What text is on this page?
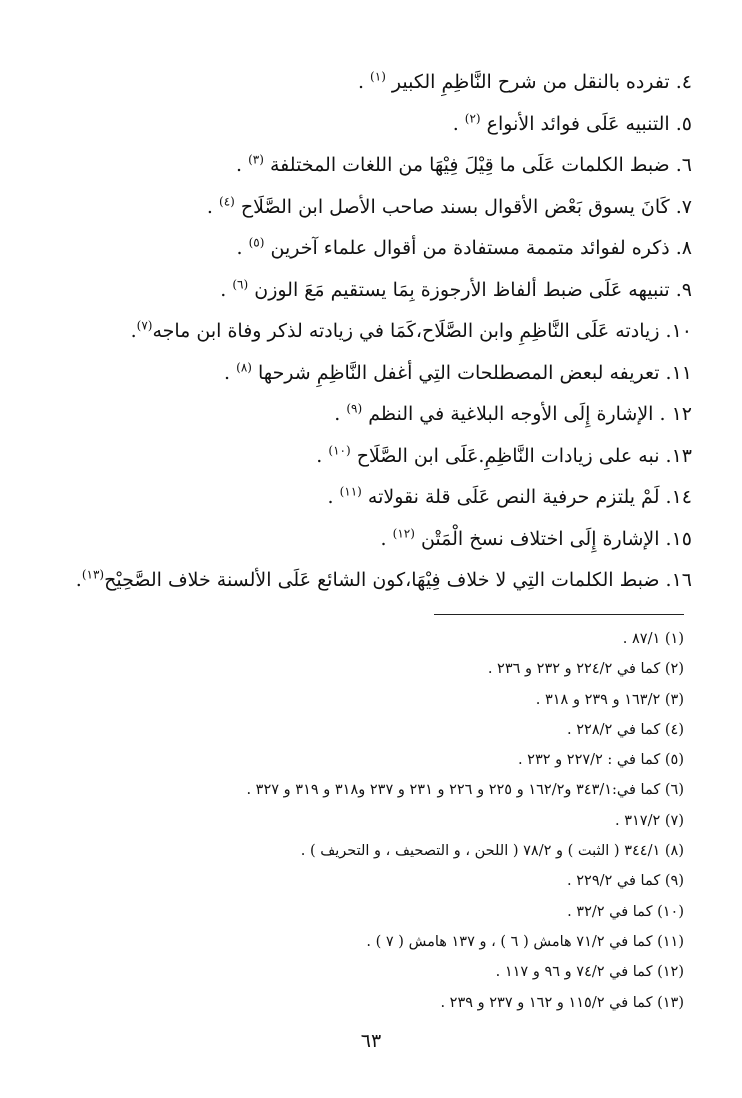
٤. تفرده بالنقل من شرح النَّاظِمِ الكبير $^{(١)}$ .
٥. التنبيه عَلَى فوائد الأنواع $^{(٢)}$ .
٦. ضبط الكلمات عَلَى ما قِيْلَ فِيْهَا من اللغات المختلفة $^{(٣)}$ .
٧. كَانَ يسوق بَعْض الأقوال بسند صاحب الأصل ابن الصَّلَاح $^{(٤)}$ .
٨. ذكره لفوائد متممة مستفادة من أقوال علماء آخرين $^{(٥)}$ .
٩. تنبيهه عَلَى ضبط ألفاظ الأرجوزة بِمَا يستقيم مَعَ الوزن $^{(٦)}$ .
١٠. زيادته عَلَى النَّاظِمِ وابن الصَّلَاح،كَمَا في زيادته لذكر وفاة ابن ماجه$^{(٧)}$.
١١. تعريفه لبعض المصطلحات التِي أغفل النَّاظِمِ شرحها $^{(٨)}$ .
١٢ . الإشارة إِلَى الأوجه البلاغية في النظم $^{(٩)}$ .
١٣. نبه على زيادات النَّاظِمِ.عَلَى ابن الصَّلَاح $^{(١٠)}$ .
١٤. لَمْ يلتزم حرفية النص عَلَى قلة نقولاته $^{(١١)}$ .
١٥. الإشارة إِلَى اختلاف نسخ الْمَتْن $^{(١٢)}$ .
١٦. ضبط الكلمات التِي لا خلاف فِيْهَا،كون الشائع عَلَى الألسنة خلاف الصَّحِيْح$^{(١٣)}$.
(١) ٨٧/١ .
(٢) كما في ٢٢٤/٢ و ٢٣٢ و ٢٣٦ .
(٣) ١٦٣/٢ و ٢٣٩ و ٣١٨ .
(٤) كما في ٢٢٨/٢ .
(٥) كما في : ٢٢٧/٢ و ٢٣٢ .
(٦) كما في:٣٤٣/١ و١٦٢/٢ و ٢٢٥ و ٢٢٦ و ٢٣١ و ٢٣٧ و٣١٨ و ٣١٩ و ٣٢٧ .
(٧) ٣١٧/٢ .
(٨) ٣٤٤/١ ( الثبت ) و ٧٨/٢ ( اللحن ، و التصحيف ، و التحريف ) .
(٩) كما في ٢٢٩/٢ .
(١٠) كما في ٣٢/٢ .
(١١) كما في ٧١/٢ هامش ( ٦ ) ، و ١٣٧ هامش ( ٧ ) .
(١٢) كما في ٧٤/٢ و ٩٦ و ١١٧ .
(١٣) كما في ١١٥/٢ و ١٦٢ و ٢٣٧ و ٢٣٩ .
٦٣
